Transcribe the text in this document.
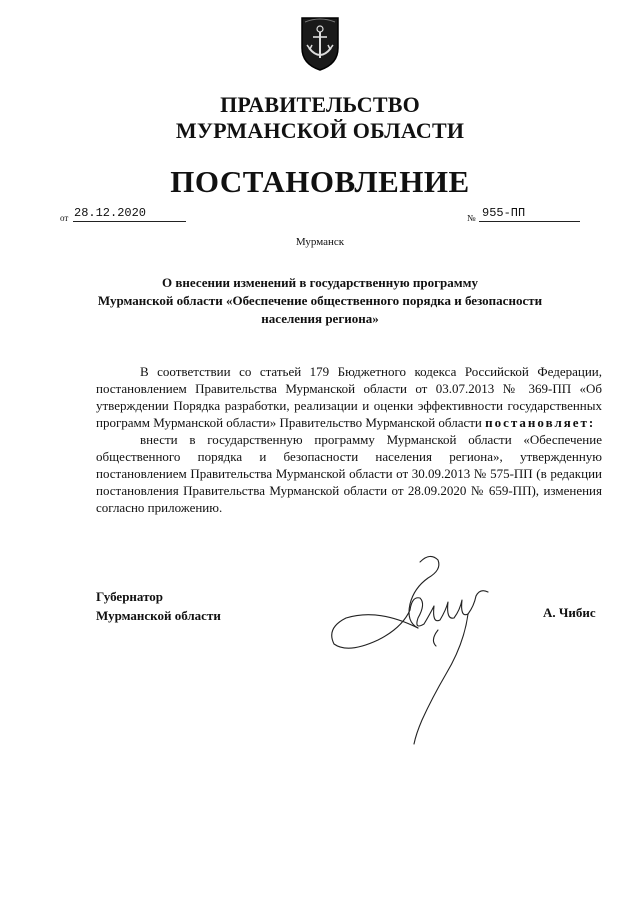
ПРАВИТЕЛЬСТВО
МУРМАНСКОЙ ОБЛАСТИ
ПОСТАНОВЛЕНИЕ
от 28.12.2020	№ 955-ПП
Мурманск
О внесении изменений в государственную программу
Мурманской области «Обеспечение общественного порядка и безопасности
населения региона»

В соответствии со статьей 179 Бюджетного кодекса Российской Федерации, постановлением Правительства Мурманской области от 03.07.2013 № 369-ПП «Об утверждении Порядка разработки, реализации и оценки эффективности государственных программ Мурманской области» Правительство Мурманской области постановляет:

внести в государственную программу Мурманской области «Обеспечение общественного порядка и безопасности населения региона», утвержденную постановлением Правительства Мурманской области от 30.09.2013 № 575-ПП (в редакции постановления Правительства Мурманской области от 28.09.2020 № 659-ПП), изменения согласно приложению.

Губернатор
Мурманской области	А. Чибис
